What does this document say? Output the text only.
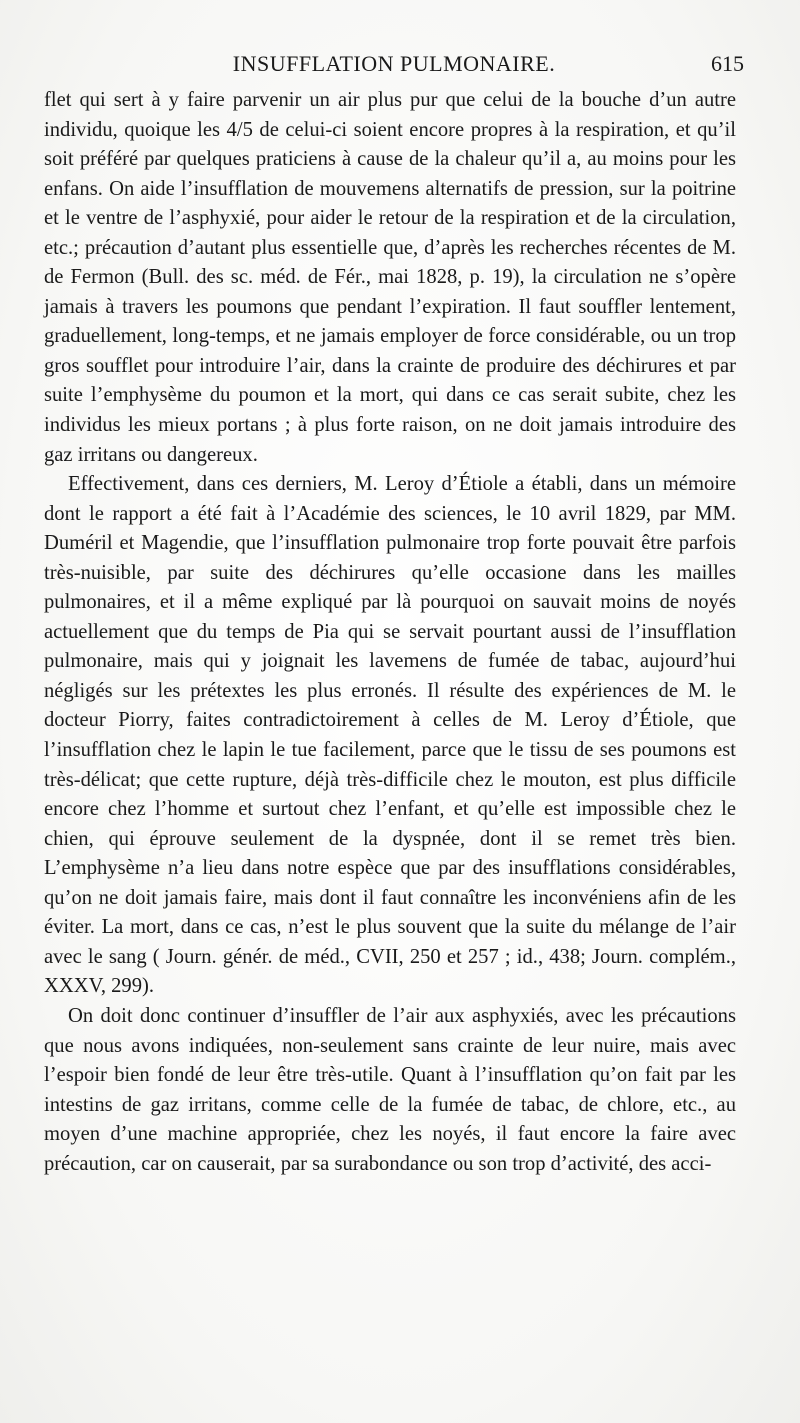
INSUFFLATION PULMONAIRE.	615

flet qui sert à y faire parvenir un air plus pur que celui de la bouche d’un autre individu, quoique les 4/5 de celui-ci soient encore propres à la respiration, et qu’il soit préféré par quelques praticiens à cause de la chaleur qu’il a, au moins pour les enfans. On aide l’insufflation de mouvemens alternatifs de pression, sur la poitrine et le ventre de l’asphyxié, pour aider le retour de la respiration et de la circulation, etc.; précaution d’autant plus essentielle que, d’après les recherches récentes de M. de Fermon (Bull. des sc. méd. de Fér., mai 1828, p. 19), la circulation ne s’opère jamais à travers les poumons que pendant l’expiration. Il faut souffler lentement, graduellement, long-temps, et ne jamais employer de force considérable, ou un trop gros soufflet pour introduire l’air, dans la crainte de produire des déchirures et par suite l’emphysème du poumon et la mort, qui dans ce cas serait subite, chez les individus les mieux portans ; à plus forte raison, on ne doit jamais introduire des gaz irritans ou dangereux.

Effectivement, dans ces derniers, M. Leroy d’Étiole a établi, dans un mémoire dont le rapport a été fait à l’Académie des sciences, le 10 avril 1829, par MM. Duméril et Magendie, que l’insufflation pulmonaire trop forte pouvait être parfois très-nuisible, par suite des déchirures qu’elle occasione dans les mailles pulmonaires, et il a même expliqué par là pourquoi on sauvait moins de noyés actuellement que du temps de Pia qui se servait pourtant aussi de l’insufflation pulmonaire, mais qui y joignait les lavemens de fumée de tabac, aujourd’hui négligés sur les prétextes les plus erronés. Il résulte des expériences de M. le docteur Piorry, faites contradictoirement à celles de M. Leroy d’Étiole, que l’insufflation chez le lapin le tue facilement, parce que le tissu de ses poumons est très-délicat; que cette rupture, déjà très-difficile chez le mouton, est plus difficile encore chez l’homme et surtout chez l’enfant, et qu’elle est impossible chez le chien, qui éprouve seulement de la dyspnée, dont il se remet très bien. L’emphysème n’a lieu dans notre espèce que par des insufflations considérables, qu’on ne doit jamais faire, mais dont il faut connaître les inconvéniens afin de les éviter. La mort, dans ce cas, n’est le plus souvent que la suite du mélange de l’air avec le sang ( Journ. génér. de méd., CVII, 250 et 257 ; id., 438; Journ. complém., XXXV, 299).

On doit donc continuer d’insuffler de l’air aux asphyxiés, avec les précautions que nous avons indiquées, non-seulement sans crainte de leur nuire, mais avec l’espoir bien fondé de leur être très-utile. Quant à l’insufflation qu’on fait par les intestins de gaz irritans, comme celle de la fumée de tabac, de chlore, etc., au moyen d’une machine appropriée, chez les noyés, il faut encore la faire avec précaution, car on causerait, par sa surabondance ou son trop d’activité, des acci-
